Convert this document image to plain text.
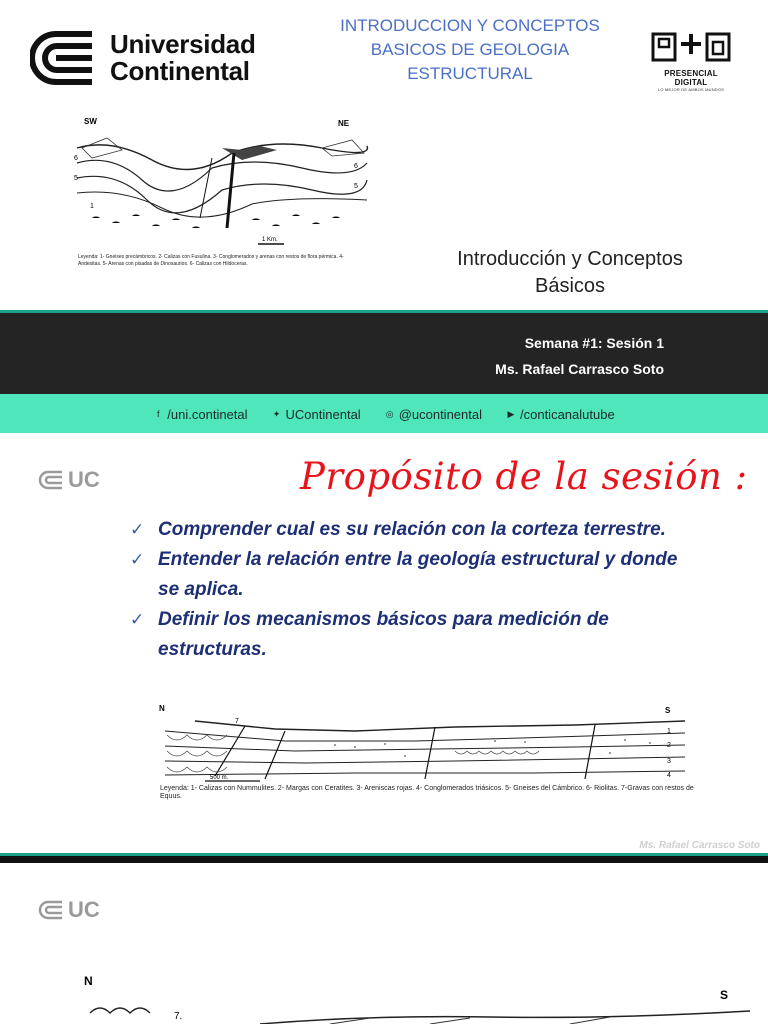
Universidad
Continental
INTRODUCCION Y CONCEPTOS
BASICOS DE GEOLOGIA
ESTRUCTURAL	PRESENCIAL DIGITAL
LO MEJOR DE AMBOS MUNDOS
SW	NE
6
5
1
6
5
1 Km.
Leyenda: 1- Gneises precámbricos. 2- Calizas con Fusulina. 3- Conglomerados y arenas con restos de flora pérmica. 4- Andesitas. 5- Arenas con pisadas de Dinosaurios. 6- Calizas con Hildoceras.	Introducción y Conceptos
Básicos
Semana #1: Sesión 1
Ms. Rafael Carrasco Soto
f /uni.continetal	✦ UContinental	◎ @ucontinental	▶ /conticanalutube
UC	Propósito de la sesión :
✓ Comprender cual es su relación con la corteza terrestre.
✓ Entender la relación entre la geología estructural y donde se aplica.
✓ Definir los mecanismos básicos para medición de estructuras.
N	S
7
1
2
3
4
500 m.
Leyenda: 1- Calizas con Nummulites. 2- Margas con Ceratites. 3- Areniscas rojas. 4- Conglomerados triásicos. 5- Gneises del Cámbrico. 6- Riolitas. 7-Gravas con restos de Equus.
Ms. Rafael Carrasco Soto
UC
N
S
7.
